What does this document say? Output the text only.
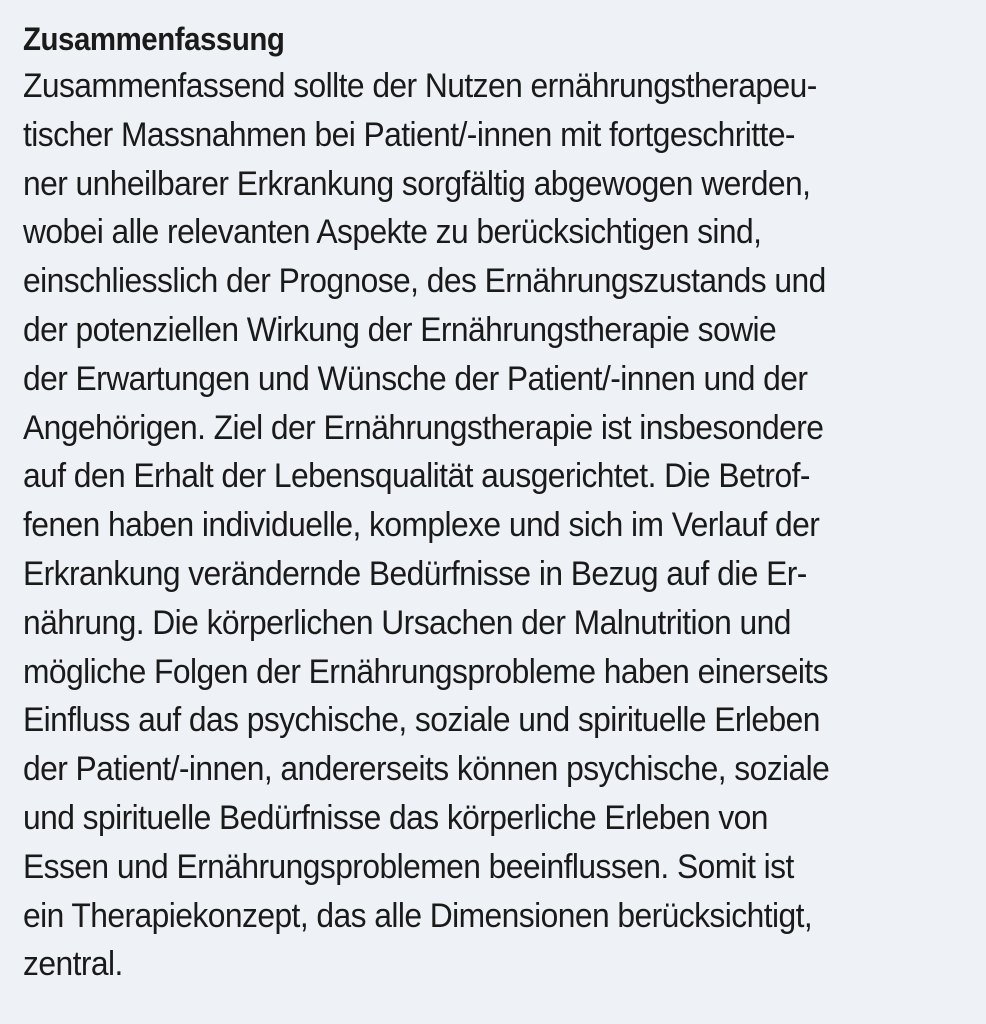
Zusammenfassung
Zusammenfassend sollte der Nutzen ernährungstherapeu-
tischer Massnahmen bei Patient/-innen mit fortgeschritte-
ner unheilbarer Erkrankung sorgfältig abgewogen werden,
wobei alle relevanten Aspekte zu berücksichtigen sind,
einschliesslich der Prognose, des Ernährungszustands und
der potenziellen Wirkung der Ernährungstherapie sowie
der Erwartungen und Wünsche der Patient/-innen und der
Angehörigen. Ziel der Ernährungstherapie ist insbesondere
auf den Erhalt der Lebensqualität ausgerichtet. Die Betrof-
fenen haben individuelle, komplexe und sich im Verlauf der
Erkrankung verändernde Bedürfnisse in Bezug auf die Er-
nährung. Die körperlichen Ursachen der Malnutrition und
mögliche Folgen der Ernährungsprobleme haben einerseits
Einfluss auf das psychische, soziale und spirituelle Erleben
der Patient/-innen, andererseits können psychische, soziale
und spirituelle Bedürfnisse das körperliche Erleben von
Essen und Ernährungsproblemen beeinflussen. Somit ist
ein Therapiekonzept, das alle Dimensionen berücksichtigt,
zentral.
